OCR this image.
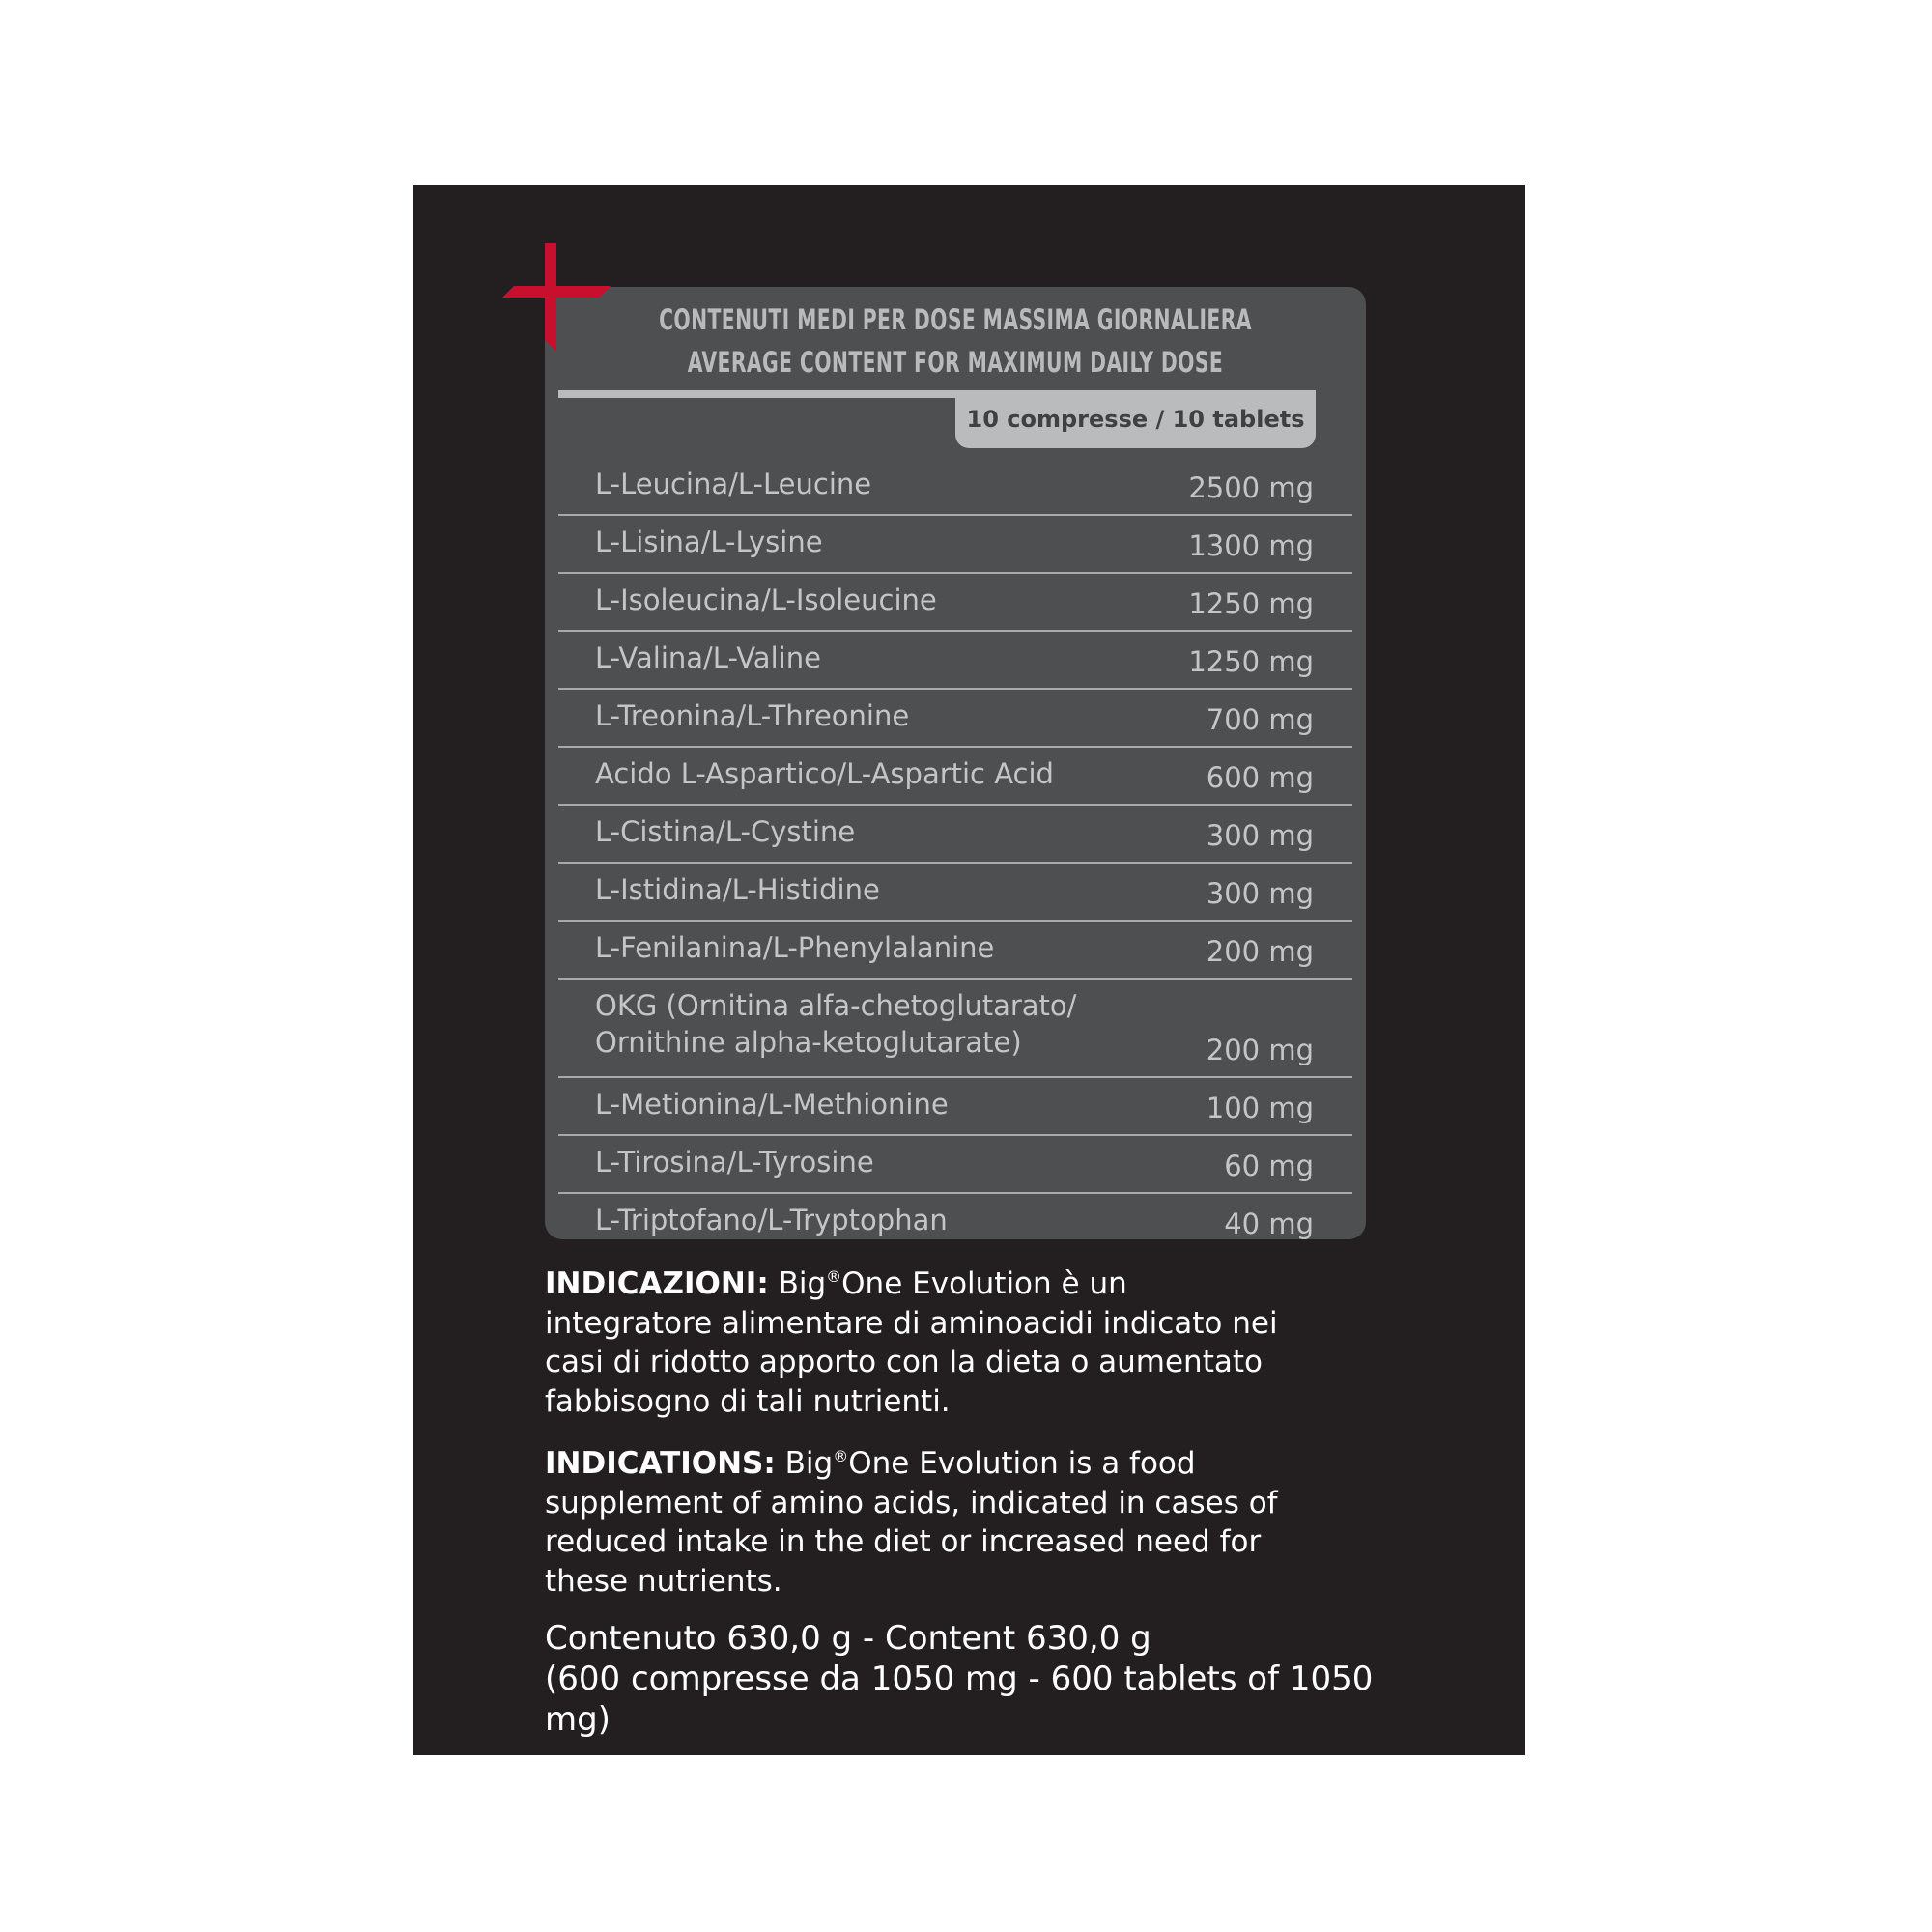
CONTENUTI MEDI PER DOSE MASSIMA GIORNALIERA
AVERAGE CONTENT FOR MAXIMUM DAILY DOSE
10 compresse / 10 tablets
L-Leucina/L-Leucine	2500 mg
L-Lisina/L-Lysine	1300 mg
L-Isoleucina/L-Isoleucine	1250 mg
L-Valina/L-Valine	1250 mg
L-Treonina/L-Threonine	700 mg
Acido L-Aspartico/L-Aspartic Acid	600 mg
L-Cistina/L-Cystine	300 mg
L-Istidina/L-Histidine	300 mg
L-Fenilanina/L-Phenylalanine	200 mg
OKG (Ornitina alfa-chetoglutarato/
Ornithine alpha-ketoglutarate)	200 mg
L-Metionina/L-Methionine	100 mg
L-Tirosina/L-Tyrosine	60 mg
L-Triptofano/L-Tryptophan	40 mg
INDICAZIONI: Big®One Evolution è un integratore alimentare di aminoacidi indicato nei casi di ridotto apporto con la dieta o aumentato fabbisogno di tali nutrienti.
INDICATIONS: Big®One Evolution is a food supplement of amino acids, indicated in cases of reduced intake in the diet or increased need for these nutrients.
Contenuto 630,0 g - Content 630,0 g
(600 compresse da 1050 mg - 600 tablets of 1050 mg)
